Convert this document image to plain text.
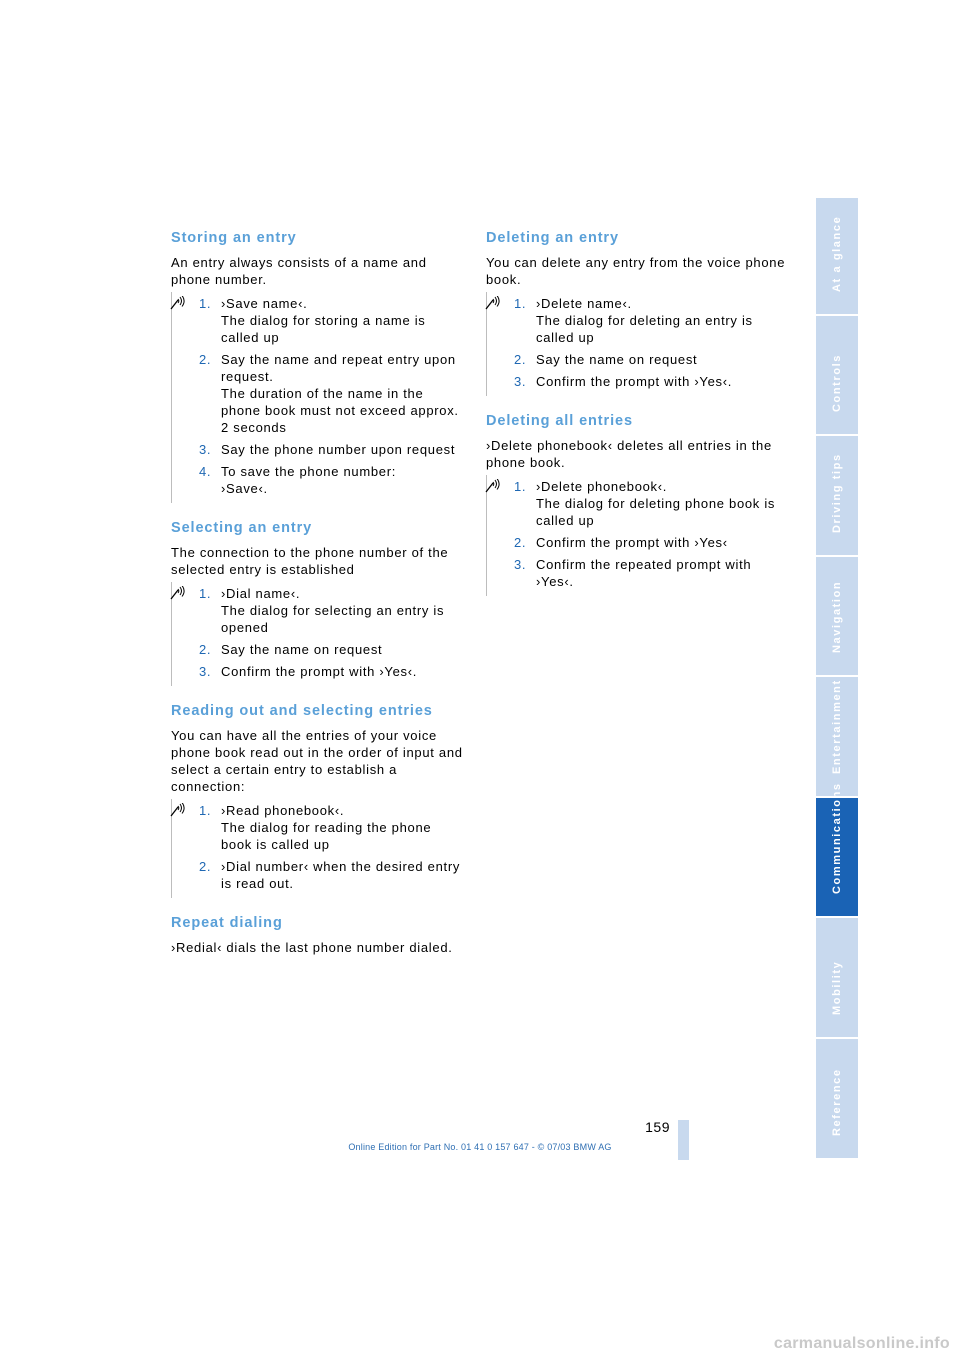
Storing an entry

An entry always consists of a name and phone number.

1. ›Save name‹.
The dialog for storing a name is called up
2. Say the name and repeat entry upon request.
The duration of the name in the phone book must not exceed approx. 2 seconds
3. Say the phone number upon request
4. To save the phone number:
›Save‹.
Selecting an entry

The connection to the phone number of the selected entry is established

1. ›Dial name‹.
The dialog for selecting an entry is opened
2. Say the name on request
3. Confirm the prompt with ›Yes‹.
Reading out and selecting entries

You can have all the entries of your voice phone book read out in the order of input and select a certain entry to establish a connection:

1. ›Read phonebook‹.
The dialog for reading the phone book is called up
2. ›Dial number‹ when the desired entry is read out.
Repeat dialing

›Redial‹ dials the last phone number dialed.

Deleting an entry

You can delete any entry from the voice phone book.

1. ›Delete name‹.
The dialog for deleting an entry is called up
2. Say the name on request
3. Confirm the prompt with ›Yes‹.
Deleting all entries

›Delete phonebook‹ deletes all entries in the phone book.

1. ›Delete phonebook‹.
The dialog for deleting phone book is called up
2. Confirm the prompt with ›Yes‹
3. Confirm the repeated prompt with ›Yes‹.
At a glance
Controls
Driving tips
Navigation
Entertainment
Communications
Mobility
Reference
159
Online Edition for Part No. 01 41 0 157 647 - © 07/03 BMW AG
carmanualsonline.info
